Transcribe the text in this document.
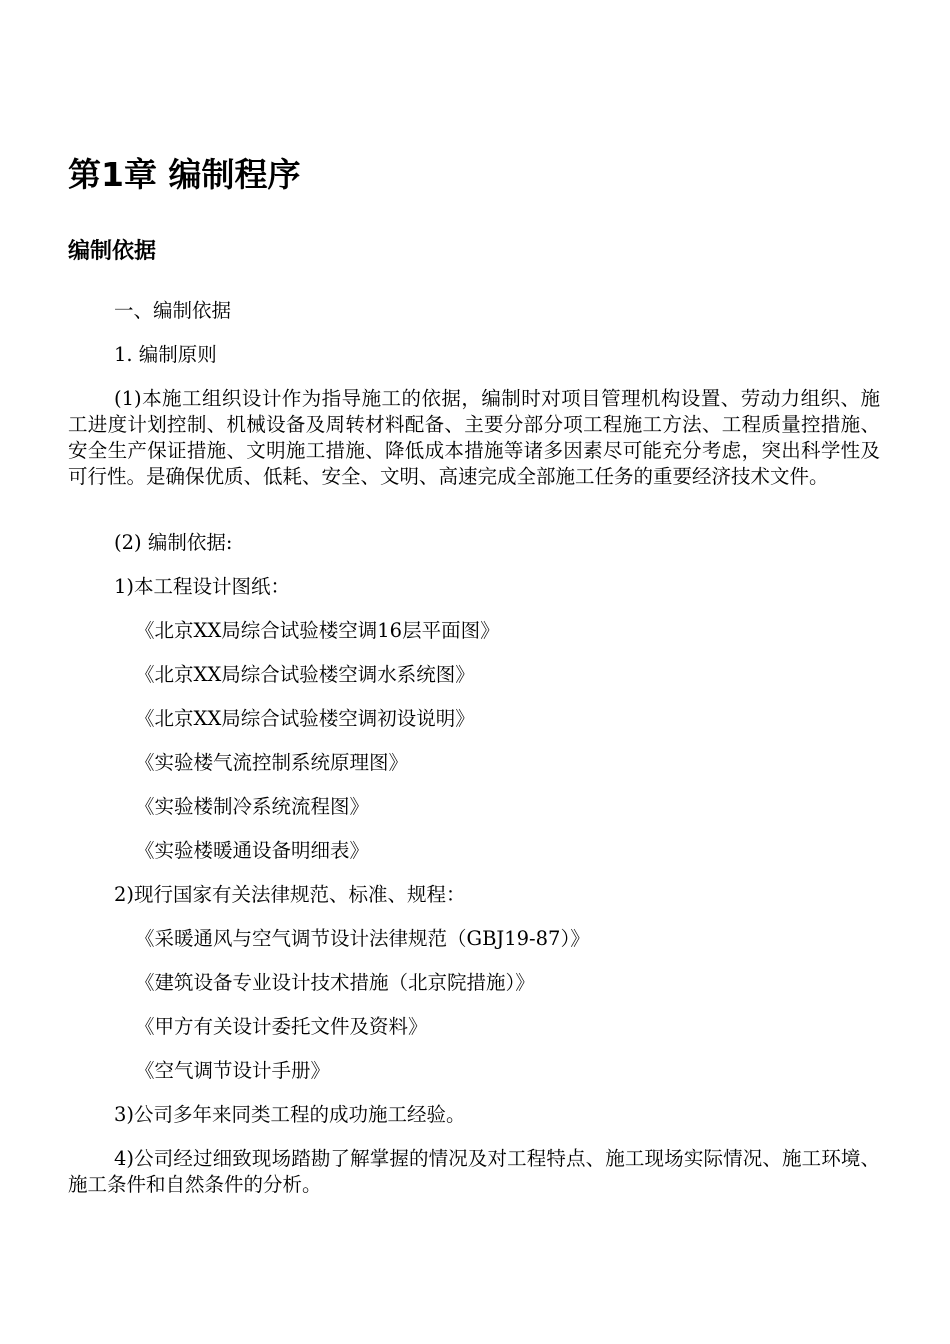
第1章 编制程序
编制依据

一、编制依据

1. 编制原则

(1)本施工组织设计作为指导施工的依据，编制时对项目管理机构设置、劳动力组织、施工进度计划控制、机械设备及周转材料配备、主要分部分项工程施工方法、工程质量控措施、安全生产保证措施、文明施工措施、降低成本措施等诸多因素尽可能充分考虑，突出科学性及可行性。是确保优质、低耗、安全、文明、高速完成全部施工任务的重要经济技术文件。

(2) 编制依据:

1)本工程设计图纸：

《北京XX局综合试验楼空调16层平面图》

《北京XX局综合试验楼空调水系统图》

《北京XX局综合试验楼空调初设说明》

《实验楼气流控制系统原理图》

《实验楼制冷系统流程图》

《实验楼暖通设备明细表》

2)现行国家有关法律规范、标准、规程：

《采暖通风与空气调节设计法律规范（GBJ19-87）》

《建筑设备专业设计技术措施（北京院措施）》

《甲方有关设计委托文件及资料》

《空气调节设计手册》

3)公司多年来同类工程的成功施工经验。

4)公司经过细致现场踏勘了解掌握的情况及对工程特点、施工现场实际情况、施工环境、施工条件和自然条件的分析。
